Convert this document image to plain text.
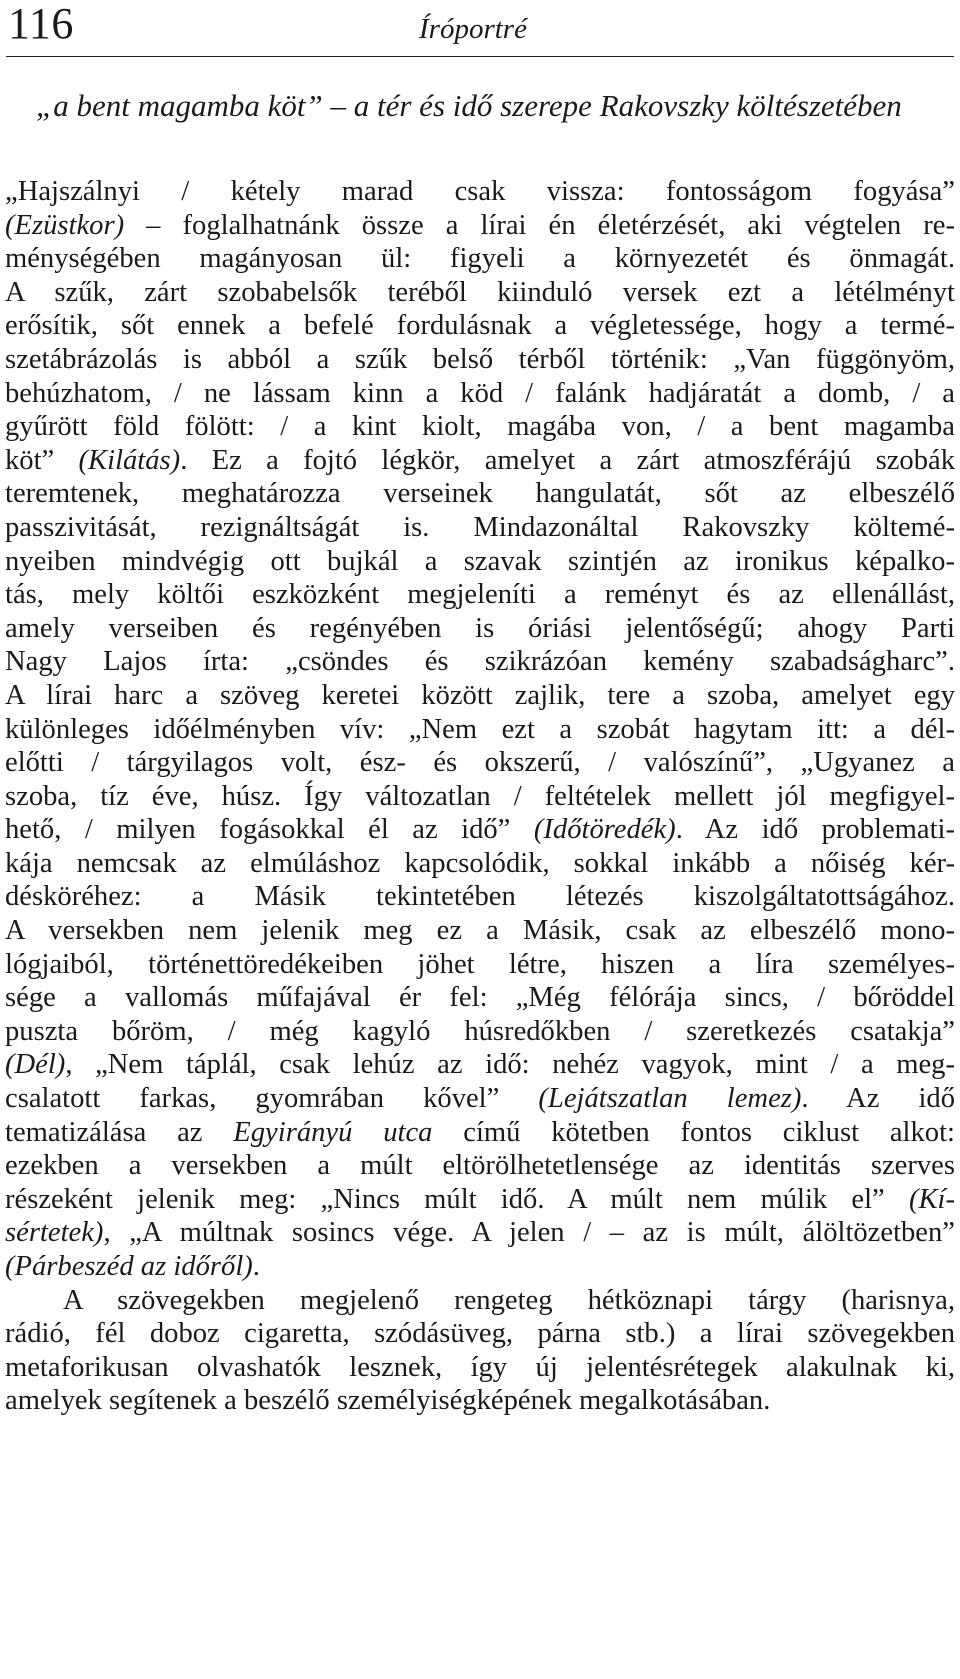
116	Íróportré
„a bent magamba köt” – a tér és idő szerepe Rakovszky költészetében
„Hajszálnyi / kétely marad csak vissza: fontosságom fogyása”
(Ezüstkor) – foglalhatnánk össze a lírai én életérzését, aki végtelen re-
ménységében magányosan ül: figyeli a környezetét és önmagát.
A szűk, zárt szobabelsők teréből kiinduló versek ezt a létélményt
erősítik, sőt ennek a befelé fordulásnak a végletessége, hogy a termé-
szetábrázolás is abból a szűk belső térből történik: „Van függönyöm,
behúzhatom, / ne lássam kinn a köd / falánk hadjáratát a domb, / a
gyűrött föld fölött: / a kint kiolt, magába von, / a bent magamba
köt” (Kilátás). Ez a fojtó légkör, amelyet a zárt atmoszférájú szobák
teremtenek, meghatározza verseinek hangulatát, sőt az elbeszélő
passzivitását, rezignáltságát is. Mindazonáltal Rakovszky költemé-
nyeiben mindvégig ott bujkál a szavak szintjén az ironikus képalko-
tás, mely költői eszközként megjeleníti a reményt és az ellenállást,
amely verseiben és regényében is óriási jelentőségű; ahogy Parti
Nagy Lajos írta: „csöndes és szikrázóan kemény szabadságharc”.
A lírai harc a szöveg keretei között zajlik, tere a szoba, amelyet egy
különleges időélményben vív: „Nem ezt a szobát hagytam itt: a dél-
előtti / tárgyilagos volt, ész- és okszerű, / valószínű”, „Ugyanez a
szoba, tíz éve, húsz. Így változatlan / feltételek mellett jól megfigyel-
hető, / milyen fogásokkal él az idő” (Időtöredék). Az idő problemati-
kája nemcsak az elmúláshoz kapcsolódik, sokkal inkább a nőiség kér-
désköréhez: a Másik tekintetében létezés kiszolgáltatottságához.
A versekben nem jelenik meg ez a Másik, csak az elbeszélő mono-
lógjaiból, történettöredékeiben jöhet létre, hiszen a líra személyes-
sége a vallomás műfajával ér fel: „Még félórája sincs, / bőröddel
puszta bőröm, / még kagyló húsredőkben / szeretkezés csatakja”
(Dél), „Nem táplál, csak lehúz az idő: nehéz vagyok, mint / a meg-
csalatott farkas, gyomrában kővel” (Lejátszatlan lemez). Az idő
tematizálása az Egyirányú utca című kötetben fontos ciklust alkot:
ezekben a versekben a múlt eltörölhetetlensége az identitás szerves
részeként jelenik meg: „Nincs múlt idő. A múlt nem múlik el” (Kí-
sértetek), „A múltnak sosincs vége. A jelen / – az is múlt, álöltözetben”
(Párbeszéd az időről).
A szövegekben megjelenő rengeteg hétköznapi tárgy (harisnya,
rádió, fél doboz cigaretta, szódásüveg, párna stb.) a lírai szövegekben
metaforikusan olvashatók lesznek, így új jelentésrétegek alakulnak ki,
amelyek segítenek a beszélő személyiségképének megalkotásában.
